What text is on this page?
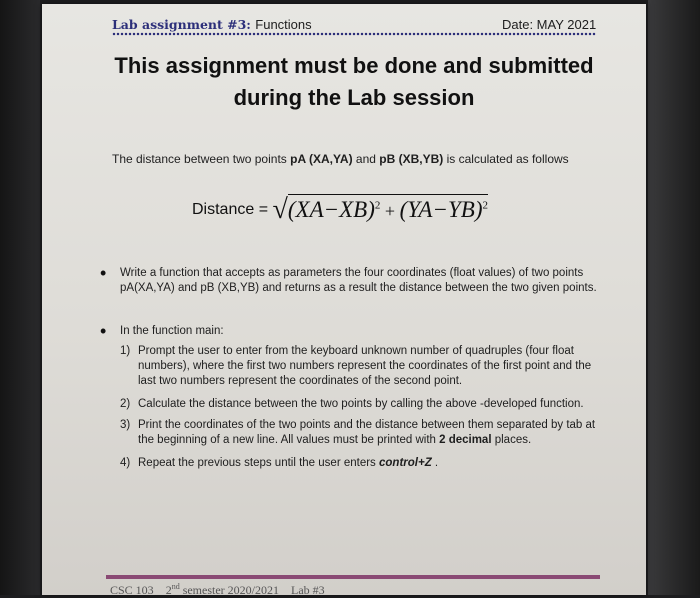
Lab assignment #3: Functions	Date: MAY 2021
This assignment must be done and submitted
during the Lab session
The distance between two points pA (XA,YA) and pB (XB,YB) is calculated as follows
Distance = $√(XA-XB)^2 + (YA-YB)^2$
• Write a function that accepts as parameters the four coordinates (float values) of two points
pA(XA,YA) and pB (XB,YB) and returns as a result the distance between the two given points.
• In the function main:
1) Prompt the user to enter from the keyboard unknown number of quadruples (four float
numbers), where the first two numbers represent the coordinates of the first point and the
last two numbers represent the coordinates of the second point.
2) Calculate the distance between the two points by calling the above -developed function.
3) Print the coordinates of the two points and the distance between them separated by tab at
the beginning of a new line. All values must be printed with 2 decimal places.
4) Repeat the previous steps until the user enters control+Z .
CSC 103 2nd semester 2020/2021 Lab #3
